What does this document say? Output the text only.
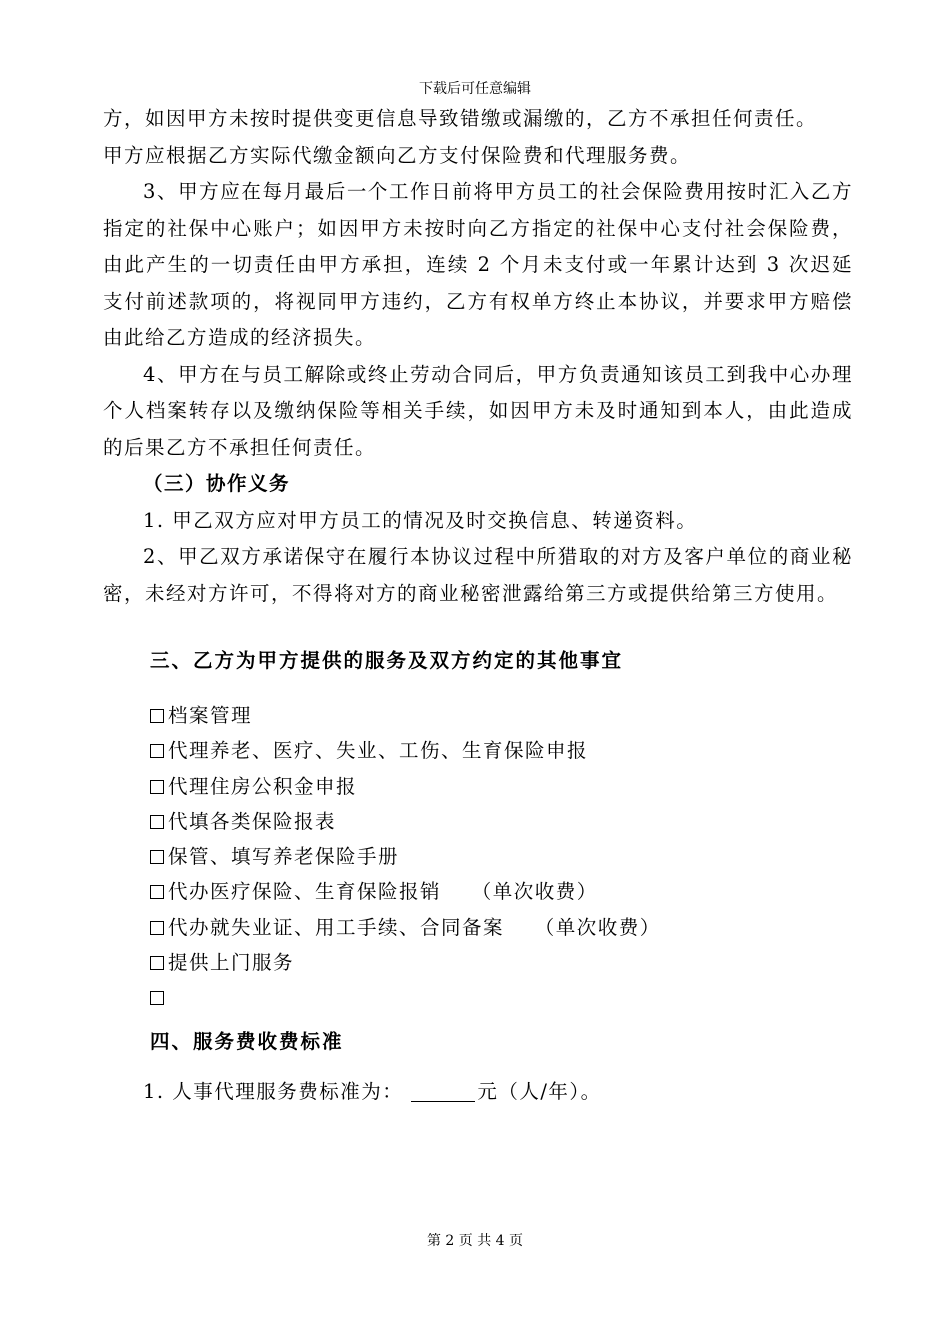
下载后可任意编辑

方，如因甲方未按时提供变更信息导致错缴或漏缴的，乙方不承担任何责任。

甲方应根据乙方实际代缴金额向乙方支付保险费和代理服务费。

3、甲方应在每月最后一个工作日前将甲方员工的社会保险费用按时汇入乙方指定的社保中心账户；如因甲方未按时向乙方指定的社保中心支付社会保险费，由此产生的一切责任由甲方承担，连续 2 个月未支付或一年累计达到 3 次迟延支付前述款项的，将视同甲方违约，乙方有权单方终止本协议，并要求甲方赔偿由此给乙方造成的经济损失。

4、甲方在与员工解除或终止劳动合同后，甲方负责通知该员工到我中心办理个人档案转存以及缴纳保险等相关手续，如因甲方未及时通知到本人，由此造成的后果乙方不承担任何责任。

（三）协作义务

1. 甲乙双方应对甲方员工的情况及时交换信息、转递资料。

2、甲乙双方承诺保守在履行本协议过程中所猎取的对方及客户单位的商业秘密，未经对方许可，不得将对方的商业秘密泄露给第三方或提供给第三方使用。

三、乙方为甲方提供的服务及双方约定的其他事宜

档案管理
代理养老、医疗、失业、工伤、生育保险申报
代理住房公积金申报
代填各类保险报表
保管、填写养老保险手册
代办医疗保险、生育保险报销    （单次收费）
代办就失业证、用工手续、合同备案    （单次收费）
提供上门服务

四、服务费收费标准

1. 人事代理服务费标准为：	元（人/年）。

第 2 页 共 4 页
